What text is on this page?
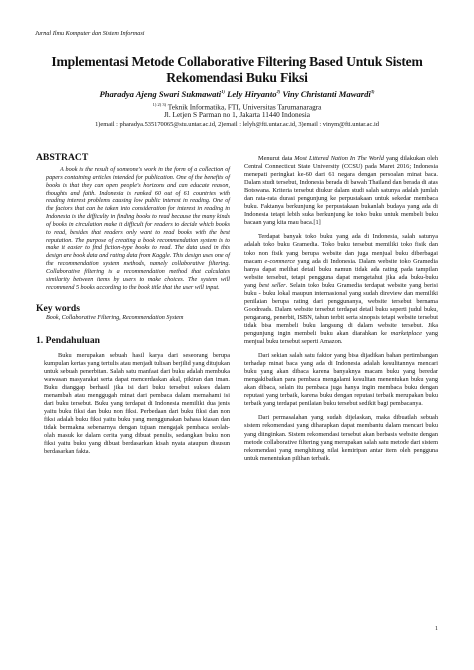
Jurnal Ilmu Komputer dan Sistem Informasi
Implementasi Metode Collaborative Filtering Based Untuk Sistem
Rekomendasi Buku Fiksi
Pharadya Ajeng Swari Sukmawati$^{1)}$ Lely Hiryanto$^{2)}$ Viny Christanti Mawardi$^{3)}$
$^{1) 2) 3)}$ Teknik Informatika, FTI, Universitas Tarumanaragra
Jl. Letjen S Parman no 1, Jakarta 11440 Indonesia
1)email : pharadya.535170065@stu.untar.ac.id, 2)email : lelyh@fti.untar.ac.id, 3)email : vinym@fti.untar.ac.id
ABSTRACT

A book is the result of someone's work in the form of a collection of papers containing articles intended for publication. One of the benefits of books is that they can open people's horizons and can educate reason, thoughts and faith. Indonesia is ranked 60 out of 61 countries with reading interest problems causing low public interest in reading. One of the factors that can be taken into consideration for interest in reading in Indonesia is the difficulty in finding books to read because the many kinds of books in circulation make it difficult for readers to decide which books to read, besides that readers only want to read books with the best reputation. The purpose of creating a book recommendation system is to make it easier to find fiction-type books to read. The data used in this design are book data and rating data from Kaggle. This design uses one of the recommendation system methods, namely collaborative filtering. Collaborative filtering is a recommendation method that calculates similarity between items by users to make choices. The system will recommend 5 books according to the book title that the user will input.

Key words

Book, Collaborative Filtering, Recommendation System

1. Pendahuluan

Buku merupakan sebuah hasil karya dari seseorang berupa kumpulan kertas yang tertulis atau menjadi tulisan berjilid yang ditujukan untuk sebuah penerbitan. Salah satu manfaat dari buku adalah membuka wawasan masyarakat serta dapat mencerdaskan akal, pikiran dan iman. Buku dianggap berhasil jika isi dari buku tersebut sukses dalam menambah atau menggugah minat dari pembaca dalam memahami isi dari buku tersebut. Buku yang terdapat di Indonesia memiliki dua jenis yaitu buku fiksi dan buku non fiksi. Perbedaan dari buku fiksi dan non fiksi adalah buku fiksi yaitu buku yang menggunakan bahasa kiasan dan tidak bermakna sebenarnya dengan tujuan mengajak pembaca seolah-olah masuk ke dalam cerita yang dibuat penulis, sedangkan buku non fiksi yaitu buku yang dibuat berdasarkan kisah nyata ataupun disusun berdasarkan fakta.

Menurut data Most Littered Nation In The World yang dilakukan oleh Central Connecticut State University (CCSU) pada Maret 2016; Indonesia menepati peringkat ke-60 dari 61 negara dengan persoalan minat baca. Dalam studi tersebut, Indonesia berada di bawah Thailand dan berada di atas Botswana. Kriteria tersebut diukur dalam studi salah satunya adalah jumlah dan rata-rata durasi pengunjung ke perpustakaan untuk sekedar membaca buku. Faktanya berkunjung ke perpustakaan bukanlah budaya yang ada di Indonesia tetapi lebih suka berkunjung ke toko buku untuk membeli buku bacaan yang kita mau baca.[1]

Terdapat banyak toko buku yang ada di Indonesia, salah satunya adalah toko buku Gramedia. Toko buku tersebut memiliki toko fisik dan toko non fisik yang berupa website dan juga menjual buku diberbagai macam e-commerce yang ada di Indonesia. Dalam website toko Gramedia hanya dapat melihat detail buku namun tidak ada rating pada tampilan website tersebut, tetapi pengguna dapat mengetahui jika ada buku-buku yang best seller. Selain toko buku Gramedia terdapat website yang berisi buku - buku lokal maupun internasional yang sudah direview dan memiliki penilaian berupa rating dari penggunanya, website tersebut bernama Goodreads. Dalam website tersebut terdapat detail buku seperti judul buku, pengarang, penerbit, ISBN, tahun terbit serta sinopsis tetapi website tersebut tidak bisa membeli buku langsung di dalam website tersebut. Jika pengunjung ingin membeli buku akan diarahkan ke marketplace yang menjual buku tersebut seperti Amazon.

Dari sekian salah satu faktor yang bisa dijadikan bahan pertimbangan terhadap minat baca yang ada di Indonesia adalah kesulitannya mencari buku yang akan dibaca karena banyaknya macam buku yang beredar mengakibatkan para pembaca mengalami kesulitan menentukan buku yang akan dibaca, selain itu pembaca juga hanya ingin membaca buku dengan reputasi yang terbaik, karena buku dengan reputasi terbaik merupakan buku terbaik yang terdapat penilaian buku tersebut sedikit bagi pembacanya.

Dari permasalahan yang sudah dijelaskan, maka dibuatlah sebuah sistem rekomendasi yang diharapkan dapat membantu dalam mencari buku yang diinginkan. Sistem rekomendasi tersebut akan berbasis website dengan metode collaborative filtering yang merupakan salah satu metode dari sistem rekomendasi yang menghitung nilai kemiripan antar item oleh pengguna untuk menentukan pilihan terbaik.

1
